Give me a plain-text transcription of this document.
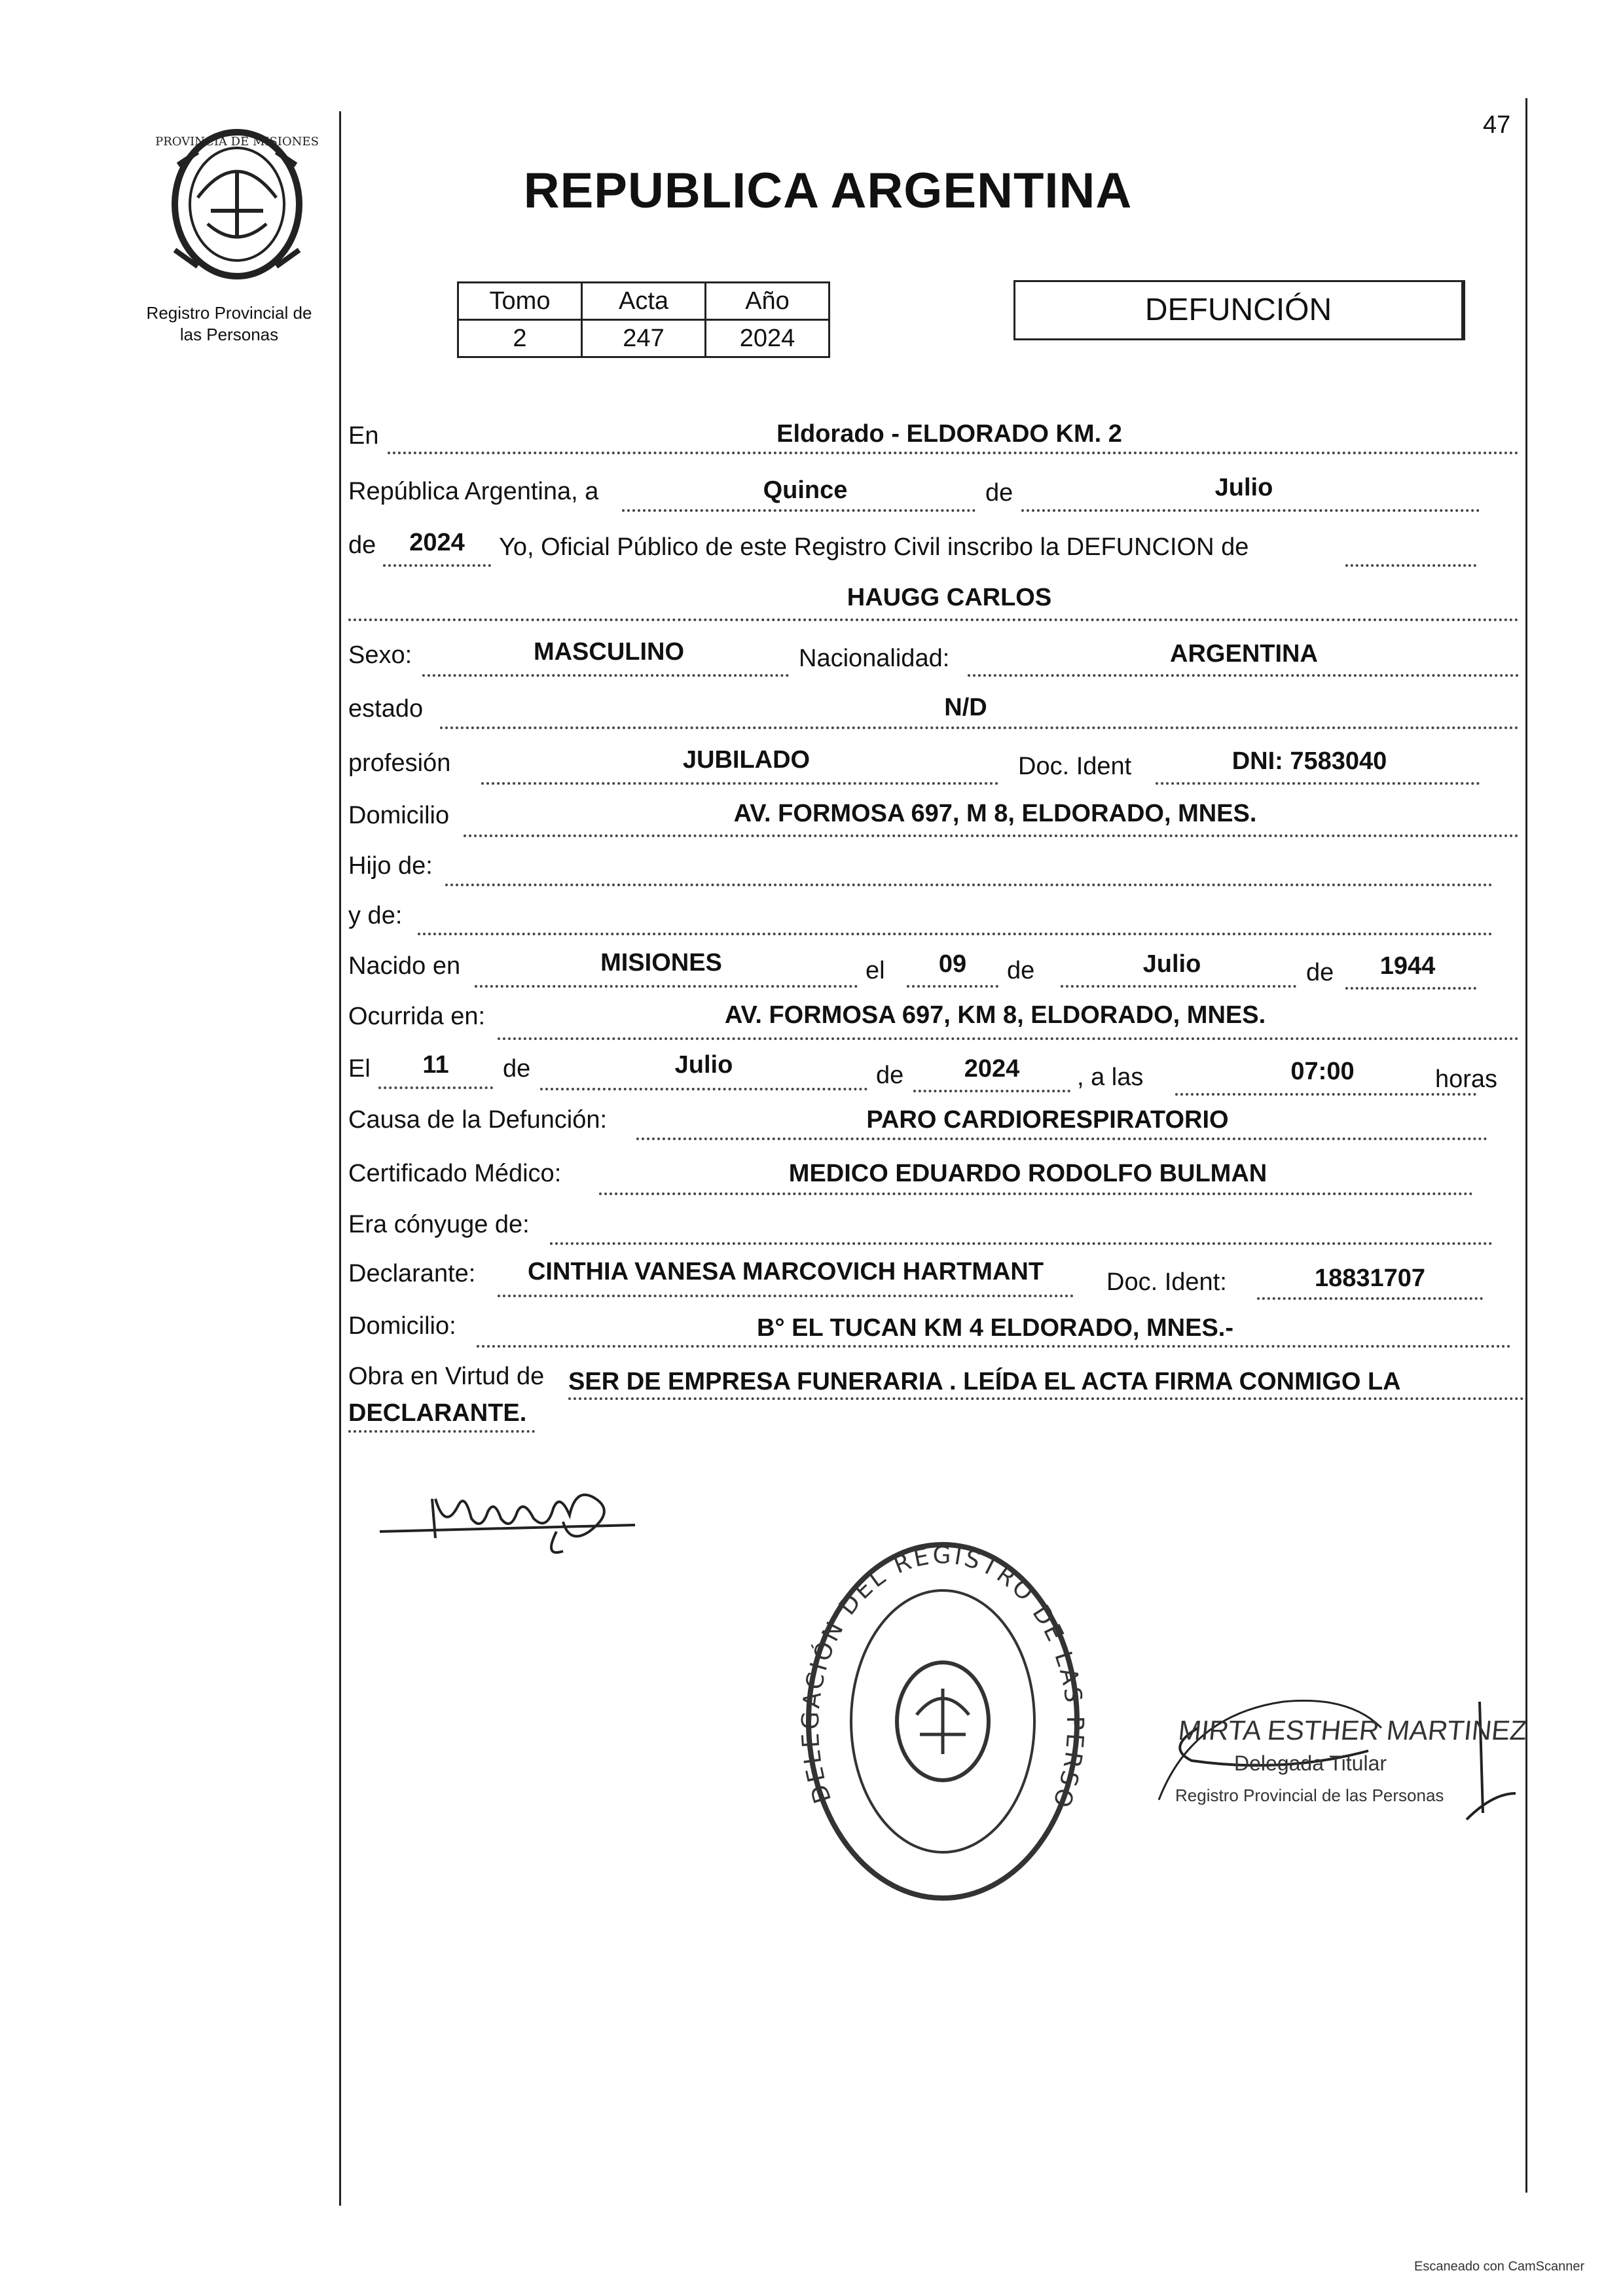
47
PROVINCIA DE MISIONES
Registro Provincial de
las Personas
REPUBLICA ARGENTINA
Tomo	Acta	Año
2	247	2024
DEFUNCIÓN
En	Eldorado - ELDORADO KM. 2
República Argentina, a	Quince	de	Julio
de	2024	Yo, Oficial Público de este Registro Civil inscribo la DEFUNCION de
HAUGG CARLOS
Sexo:	MASCULINO	Nacionalidad:	ARGENTINA
estado	N/D
profesión	JUBILADO	Doc. Ident	DNI: 7583040
Domicilio	AV. FORMOSA 697, M 8, ELDORADO, MNES.
Hijo de:
y de:
Nacido en	MISIONES	el	09	de	Julio	de	1944
Ocurrida en:	AV. FORMOSA 697, KM 8, ELDORADO, MNES.
El	11	de	Julio	de	2024	, a las	07:00	horas
Causa de la Defunción:	PARO CARDIORESPIRATORIO
Certificado Médico:	MEDICO EDUARDO RODOLFO BULMAN
Era cónyuge de:
Declarante:	CINTHIA VANESA MARCOVICH HARTMANT	Doc. Ident:	18831707
Domicilio:	B° EL TUCAN KM 4 ELDORADO, MNES.-
Obra en Virtud de SER DE EMPRESA FUNERARIA . LEÍDA EL ACTA FIRMA CONMIGO LA
DECLARANTE.
DELEGACIÓN DEL REGISTRO DE LAS PERSO
MIRTA ESTHER MARTINEZ
Delegada Titular
Registro Provincial de las Personas
Escaneado con CamScanner
